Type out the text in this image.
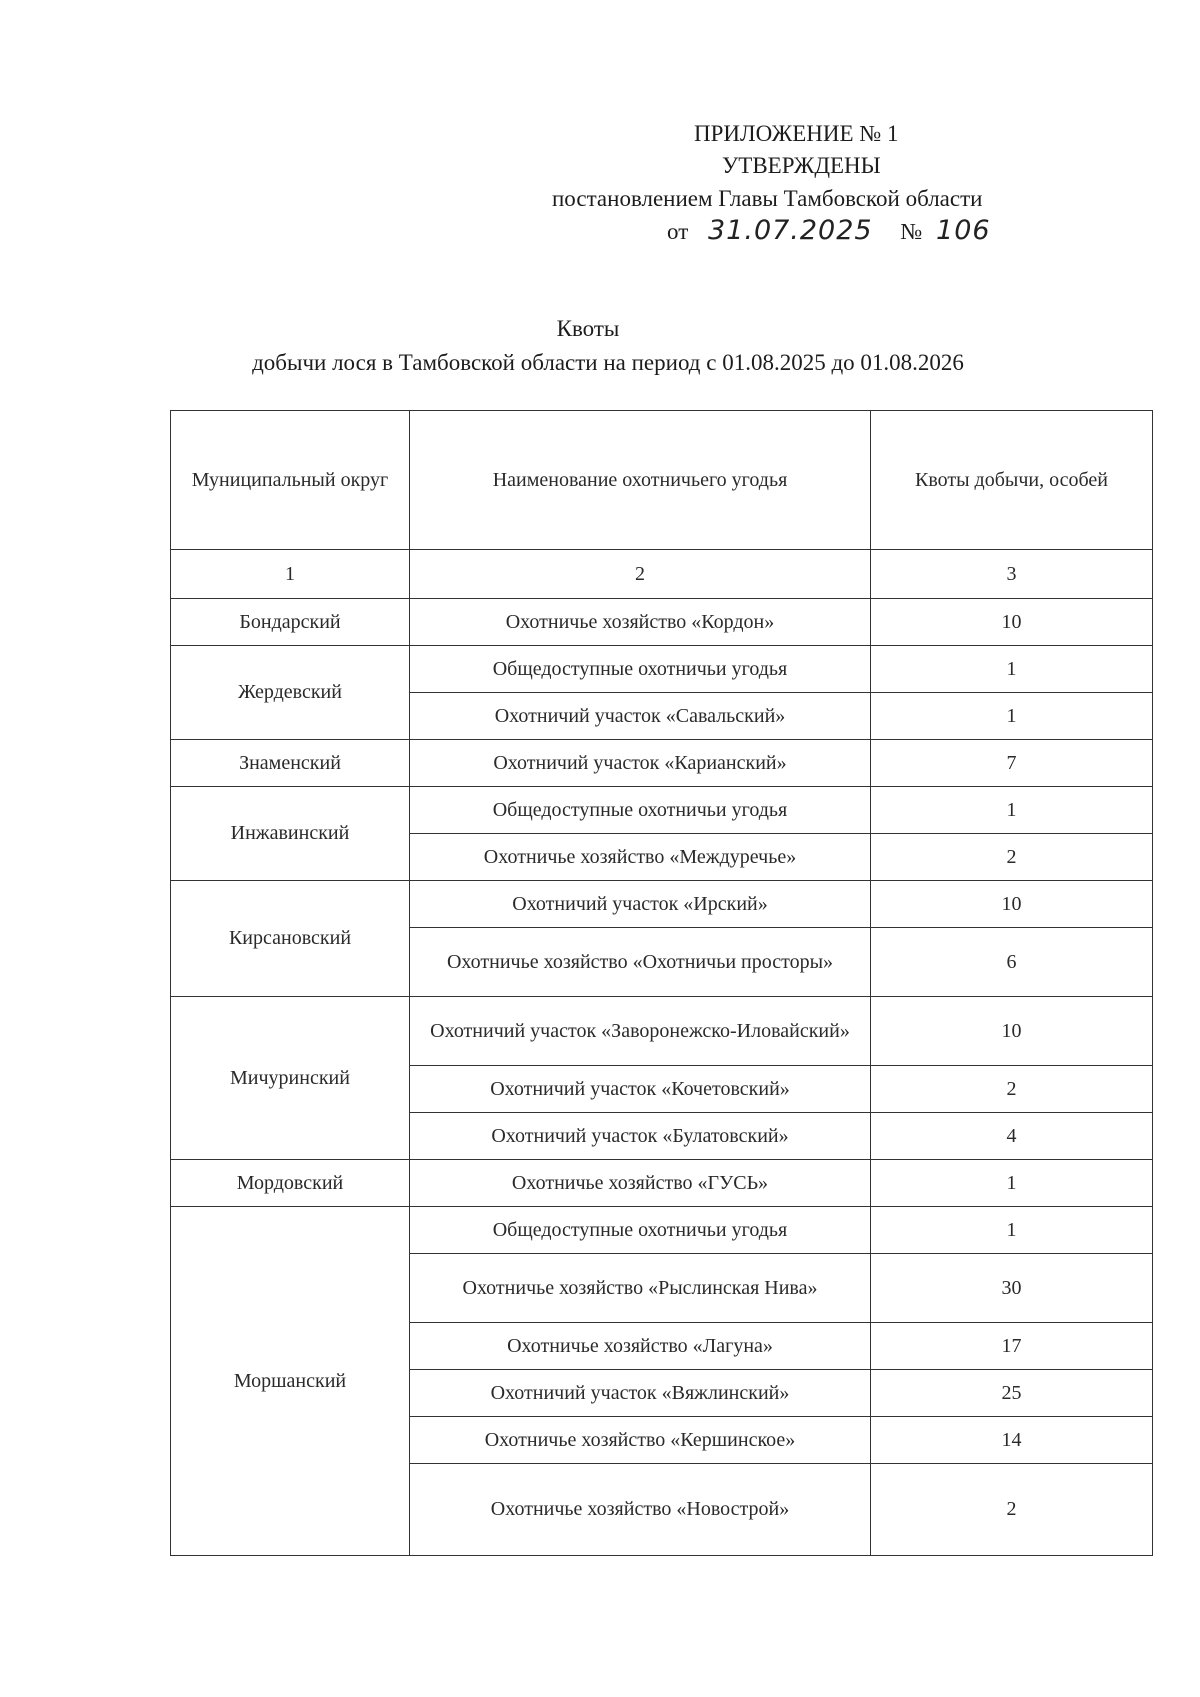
ПРИЛОЖЕНИЕ № 1
УТВЕРЖДЕНЫ
постановлением Главы Тамбовской области
от 31.07.2025 № 106
Квоты
добычи лося в Тамбовской области на период с 01.08.2025 до 01.08.2026
Муниципальный округ	Наименование охотничьего угодья	Квоты добычи, особей
1	2	3
Бондарский	Охотничье хозяйство «Кордон»	10
Жердевский	Общедоступные охотничьи угодья	1
	Охотничий участок «Савальский»	1
Знаменский	Охотничий участок «Карианский»	7
Инжавинский	Общедоступные охотничьи угодья	1
	Охотничье хозяйство «Междуречье»	2
Кирсановский	Охотничий участок «Ирский»	10
	Охотничье хозяйство «Охотничьи просторы»	6
Мичуринский	Охотничий участок «Заворонежско-Иловайский»	10
	Охотничий участок «Кочетовский»	2
	Охотничий участок «Булатовский»	4
Мордовский	Охотничье хозяйство «ГУСЬ»	1
Моршанский	Общедоступные охотничьи угодья	1
	Охотничье хозяйство «Рыслинская Нива»	30
	Охотничье хозяйство «Лагуна»	17
	Охотничий участок «Вяжлинский»	25
	Охотничье хозяйство «Кершинское»	14
	Охотничье хозяйство «Новострой»	2
